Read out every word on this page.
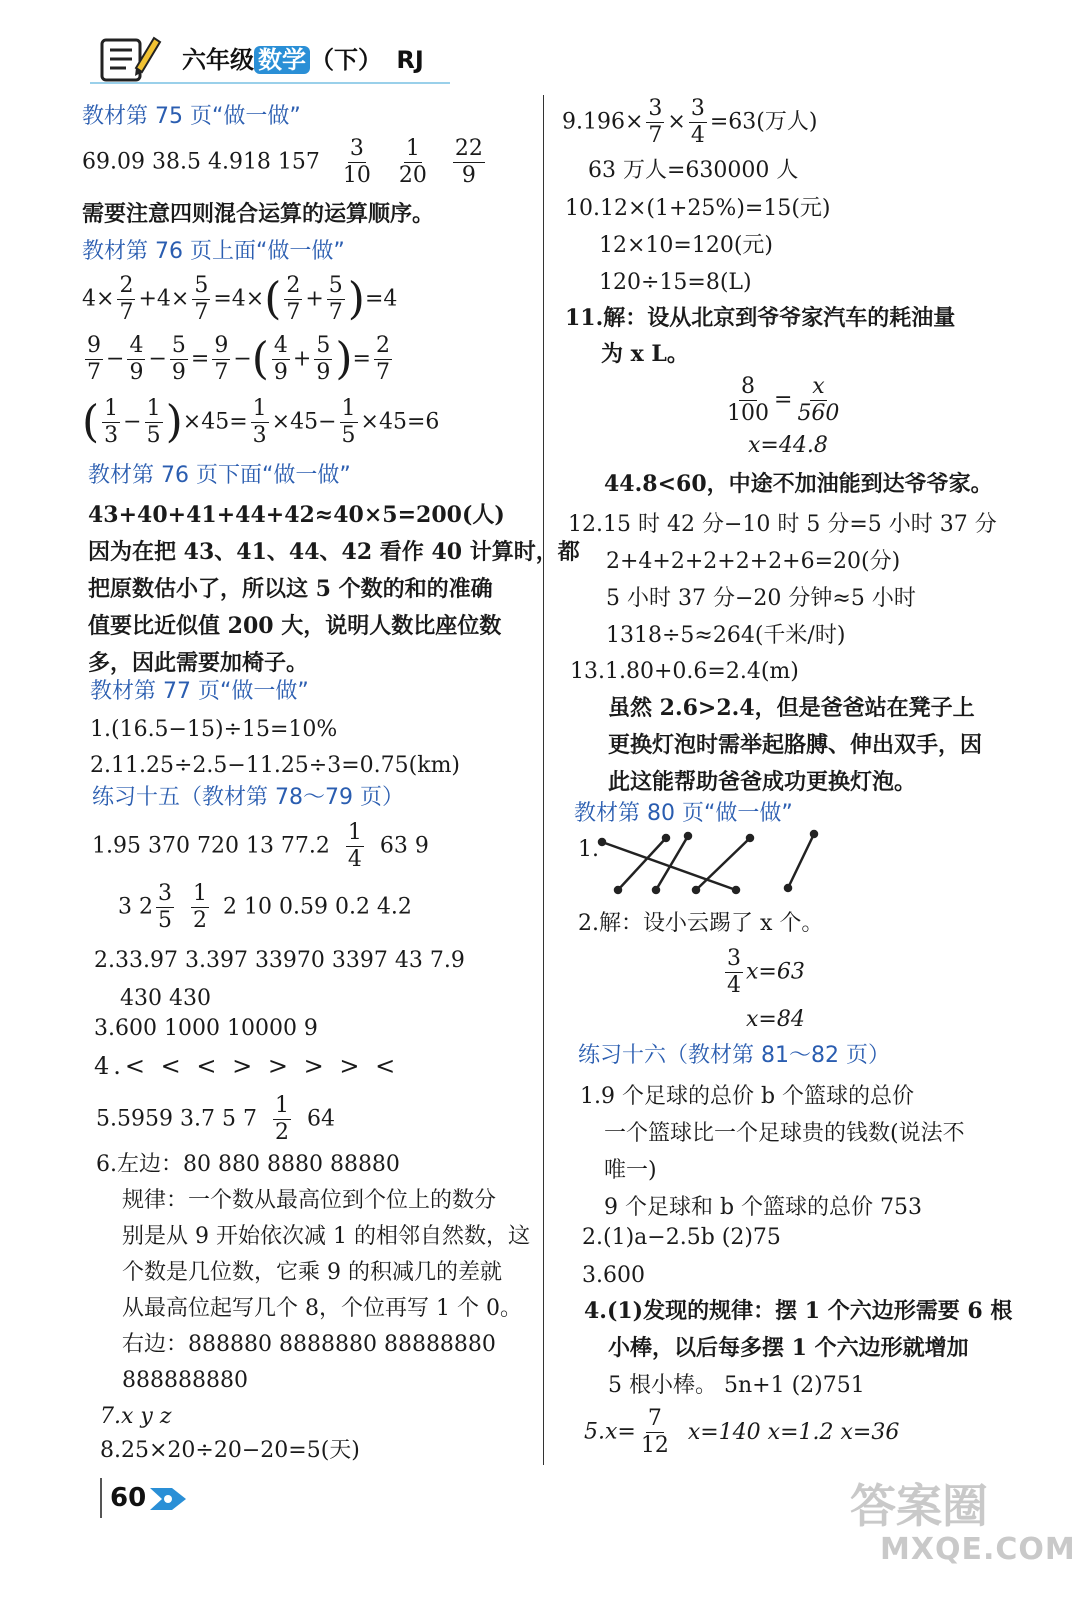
六年级 数学 （下） RJ
教材第 75 页“做一做”
69.09 38.5 4.918 $157 \frac{3}{10}$
$\frac{1}{20}$
$\frac{22}{9}$
需要注意四则混合运算的运算顺序。
教材第 76 页上面“做一做”
$4\times \frac{2}{7} +4\times \frac{5}{7} =4\times( \frac{2}{7} + \frac{5}{7} )=4$
$\frac{9}{7} - \frac{4}{9} - \frac{5}{9} = \frac{9}{7}$ −( $\frac{4}{9} + \frac{5}{9}$ )= $\frac{2}{7}$
( $\frac{1}{3} - \frac{1}{5} )\times 45= \frac{1}{3} \times 45- \frac{1}{5} \times 45=6$
教材第 76 页下面“做一做”
43+40+41+44+42≈40×5=200(人)
因为在把 43、41、44、42 看作 40 计算时，都
把原数估小了，所以这 5 个数的和的准确
值要比近似值 200 大，说明人数比座位数
多，因此需要加椅子。
教材第 77 页“做一做”
1.(16.5−15)÷15=10%
2.11.25÷2.5−11.25÷3=0.75(km)
练习十五（教材第 78～79 页）
1.95 370 720 13 $77.2 \frac{1}{4} 63$ 9
3 $2 \frac{3}{5} \frac{1}{2} 2$ 10 0.59 0.2 4.2
2.33.97 3.397 33970 3397 43 7.9
430 430
3.600 1000 10000 9
4.< < < > > > > <
5.5959 3.7 5 $7 \frac{1}{2} 64$
6.左边：80 880 8880 88880
规律：一个数从最高位到个位上的数分
别是从 9 开始依次减 1 的相邻自然数，这
个数是几位数，它乘 9 的积减几的差就
从最高位起写几个 8，个位再写 1 个 0。
右边：888880 8888880 88888880
888888880
7.x y z
8.25×20÷20−20=5(天)
60
$9.196\times \frac{3}{7} \times \frac{3}{4} =63$(万人)
63 万人=630000 人
10.12×(1+25%)=15(元)
12×10=120(元)
120÷15=8(L)
11.解：设从北京到爷爷家汽车的耗油量
为 x L。
$\frac{8}{100} = \frac{x}{560}$
x=44.8
44.8<60，中途不加油能到达爷爷家。
12.15 时 42 分−10 时 5 分=5 小时 37 分
2+4+2+2+2+2+6=20(分)
5 小时 37 分−20 分钟≈5 小时
1318÷5≈264(千米/时)
13.1.80+0.6=2.4(m)
虽然 2.6>2.4，但是爸爸站在凳子上
更换灯泡时需举起胳膊、伸出双手，因
此这能帮助爸爸成功更换灯泡。
教材第 80 页“做一做”
1.
2.解：设小云踢了 x 个。
$\frac{3}{4} x=63$
x=84
练习十六（教材第 81～82 页）
1.9 个足球的总价 b 个篮球的总价
一个篮球比一个足球贵的钱数(说法不
唯一)
9 个足球和 b 个篮球的总价 753
2.(1)a−2.5b (2)75
3.600
4.(1)发现的规律：摆 1 个六边形需要 6 根
小棒，以后每多摆 1 个六边形就增加
5 根小棒。 5n+1 (2)751
$5.x= \frac{7}{12} x=140$ x=1.2 x=36
答案圈
MXQE.COM
